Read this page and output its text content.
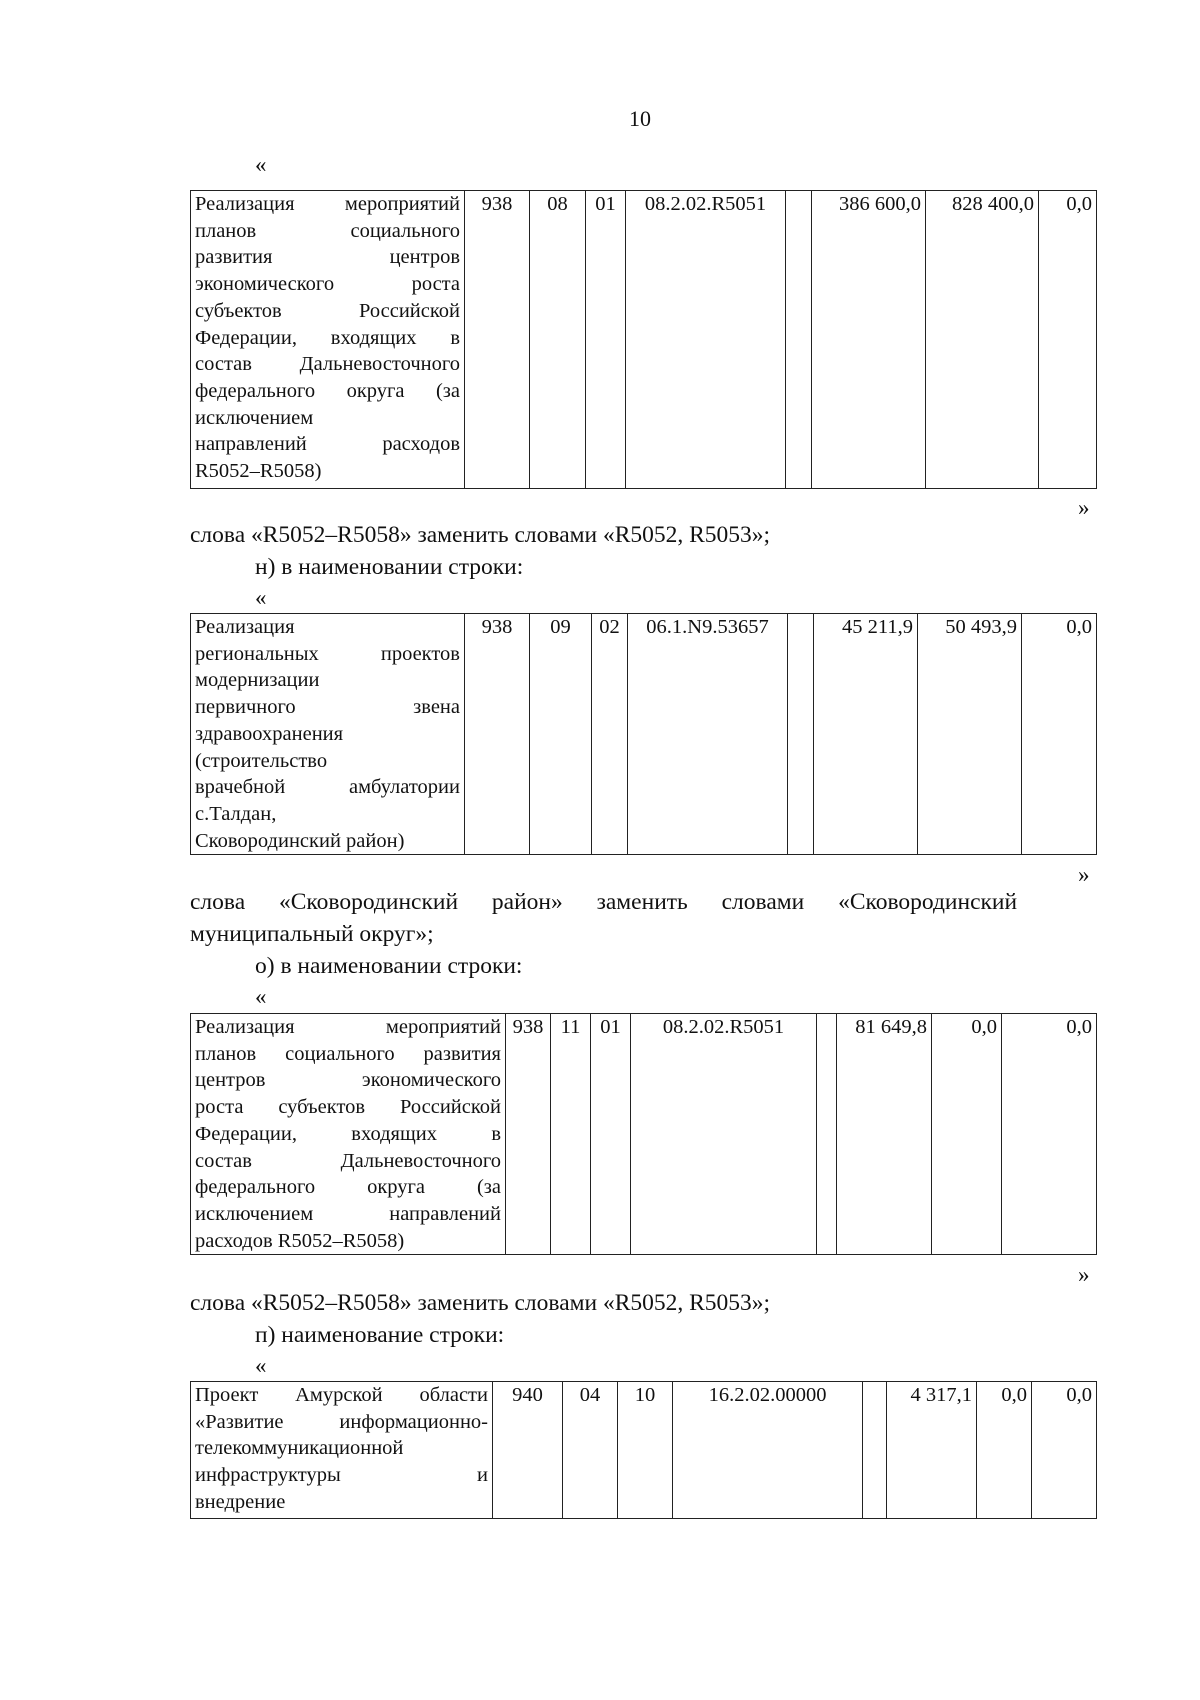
10
«
Реализация мероприятий
планов социального
развития центров
экономического роста
субъектов Российской
Федерации, входящих в
состав Дальневосточного
федерального округа (за
исключением
направлений расходов
R5052–R5058)
	938	08	01	08.2.02.R5051		386 600,0	828 400,0	0,0
»
слова «R5052–R5058» заменить словами «R5052, R5053»;
н) в наименовании строки:
«
Реализация
региональных проектов
модернизации
первичного звена
здравоохранения
(строительство
врачебной амбулатории
с.Талдан,
Сковородинский район)
	938	09	02	06.1.N9.53657		45 211,9	50 493,9	0,0
»
слова «Сковородинский район» заменить словами «Сковородинский
муниципальный округ»;
о) в наименовании строки:
«
Реализация мероприятий
планов социального развития
центров экономического
роста субъектов Российской
Федерации, входящих в
состав Дальневосточного
федерального округа (за
исключением направлений
расходов R5052–R5058)
	938	11	01	08.2.02.R5051		81 649,8	0,0	0,0
»
слова «R5052–R5058» заменить словами «R5052, R5053»;
п) наименование строки:
«
Проект Амурской области
«Развитие информационно-
телекоммуникационной
инфраструктуры и
внедрение
	940	04	10	16.2.02.00000		4 317,1	0,0	0,0
